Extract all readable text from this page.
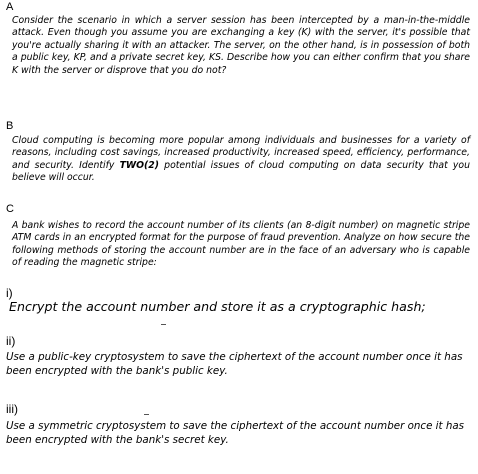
A

Consider the scenario in which a server session has been intercepted by a man-in-the-middle attack. Even though you assume you are exchanging a key (K) with the server, it's possible that you're actually sharing it with an attacker. The server, on the other hand, is in possession of both a public key, KP, and a private secret key, KS. Describe how you can either confirm that you share K with the server or disprove that you do not?

B

Cloud computing is becoming more popular among individuals and businesses for a variety of reasons, including cost savings, increased productivity, increased speed, efficiency, performance, and security. Identify TWO(2) potential issues of cloud computing on data security that you believe will occur.

C

A bank wishes to record the account number of its clients (an 8-digit number) on magnetic stripe ATM cards in an encrypted format for the purpose of fraud prevention. Analyze on how secure the following methods of storing the account number are in the face of an adversary who is capable of reading the magnetic stripe:

i)

Encrypt the account number and store it as a cryptographic hash;

ii)

Use a public-key cryptosystem to save the ciphertext of the account number once it has been encrypted with the bank's public key.

iii)

Use a symmetric cryptosystem to save the ciphertext of the account number once it has been encrypted with the bank's secret key.
